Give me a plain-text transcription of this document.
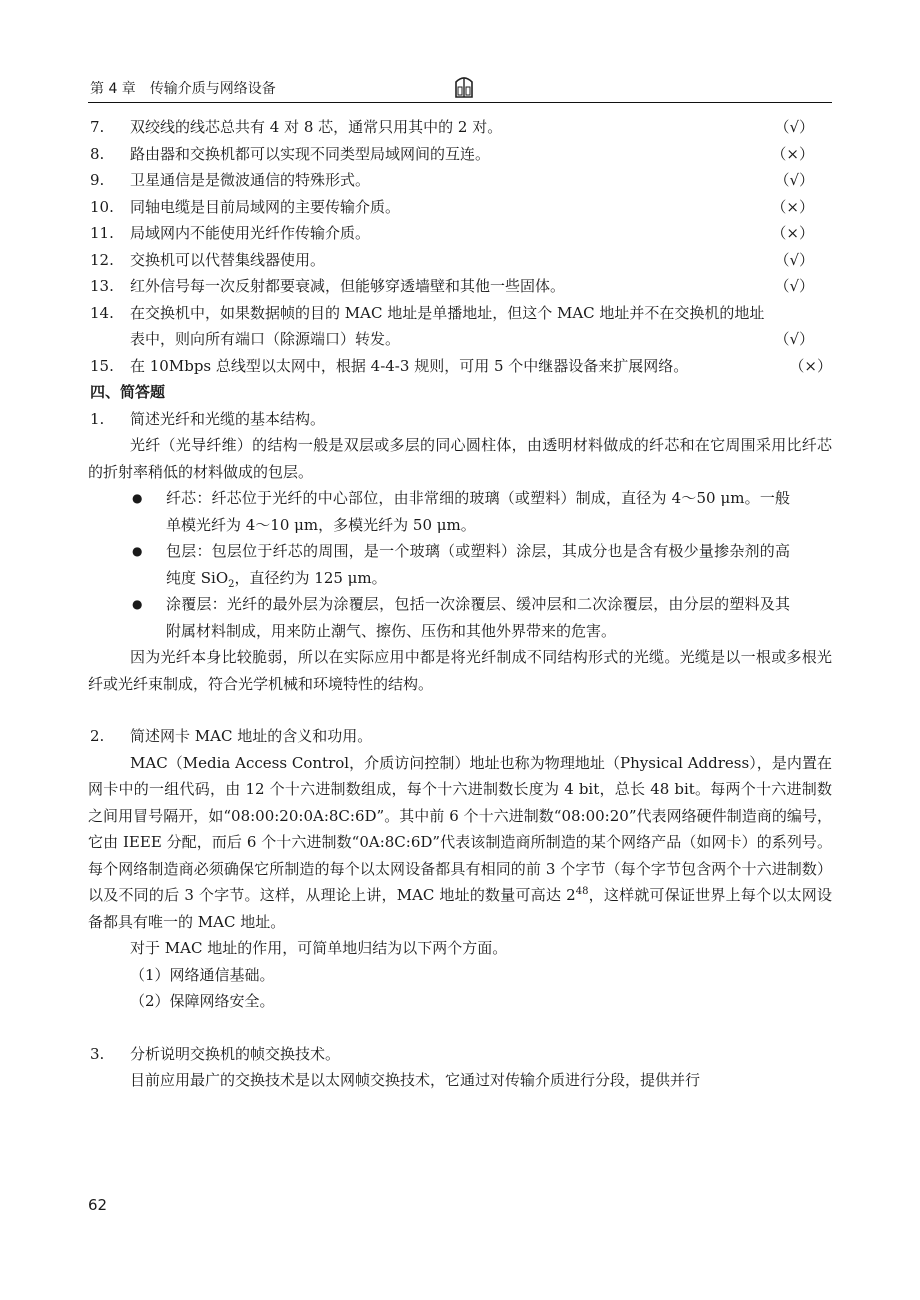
第 4 章 传输介质与网络设备
7. 双绞线的线芯总共有 4 对 8 芯，通常只用其中的 2 对。	（√）
8. 路由器和交换机都可以实现不同类型局域网间的互连。	（×）
9. 卫星通信是是微波通信的特殊形式。	（√）
10. 同轴电缆是目前局域网的主要传输介质。	（×）
11. 局域网内不能使用光纤作传输介质。	（×）
12. 交换机可以代替集线器使用。	（√）
13. 红外信号每一次反射都要衰减，但能够穿透墙壁和其他一些固体。	（√）
14. 在交换机中，如果数据帧的目的 MAC 地址是单播地址，但这个 MAC 地址并不在交换机的地址表中，则向所有端口（除源端口）转发。	（√）
15. 在 10Mbps 总线型以太网中，根据 4-4-3 规则，可用 5 个中继器设备来扩展网络。	（×）
四、简答题
1. 简述光纤和光缆的基本结构。
光纤（光导纤维）的结构一般是双层或多层的同心圆柱体，由透明材料做成的纤芯和在它周围采用比纤芯的折射率稍低的材料做成的包层。
● 纤芯：纤芯位于光纤的中心部位，由非常细的玻璃（或塑料）制成，直径为 4～50 μm。一般单模光纤为 4～10 μm，多模光纤为 50 μm。
● 包层：包层位于纤芯的周围，是一个玻璃（或塑料）涂层，其成分也是含有极少量掺杂剂的高纯度 SiO$_2$，直径约为 125 μm。
● 涂覆层：光纤的最外层为涂覆层，包括一次涂覆层、缓冲层和二次涂覆层，由分层的塑料及其附属材料制成，用来防止潮气、擦伤、压伤和其他外界带来的危害。
因为光纤本身比较脆弱，所以在实际应用中都是将光纤制成不同结构形式的光缆。光缆是以一根或多根光纤或光纤束制成，符合光学机械和环境特性的结构。
2. 简述网卡 MAC 地址的含义和功用。
MAC（Media Access Control，介质访问控制）地址也称为物理地址（Physical Address），是内置在网卡中的一组代码，由 12 个十六进制数组成，每个十六进制数长度为 4 bit，总长 48 bit。每两个十六进制数之间用冒号隔开，如“08:00:20:0A:8C:6D”。其中前 6 个十六进制数“08:00:20”代表网络硬件制造商的编号，它由 IEEE 分配，而后 6 个十六进制数“0A:8C:6D”代表该制造商所制造的某个网络产品（如网卡）的系列号。每个网络制造商必须确保它所制造的每个以太网设备都具有相同的前 3 个字节（每个字节包含两个十六进制数）以及不同的后 3 个字节。这样，从理论上讲，MAC 地址的数量可高达 $2^{48}$，这样就可保证世界上每个以太网设备都具有唯一的 MAC 地址。
对于 MAC 地址的作用，可简单地归结为以下两个方面。
（1）网络通信基础。
（2）保障网络安全。
3. 分析说明交换机的帧交换技术。
目前应用最广的交换技术是以太网帧交换技术，它通过对传输介质进行分段，提供并行
62
